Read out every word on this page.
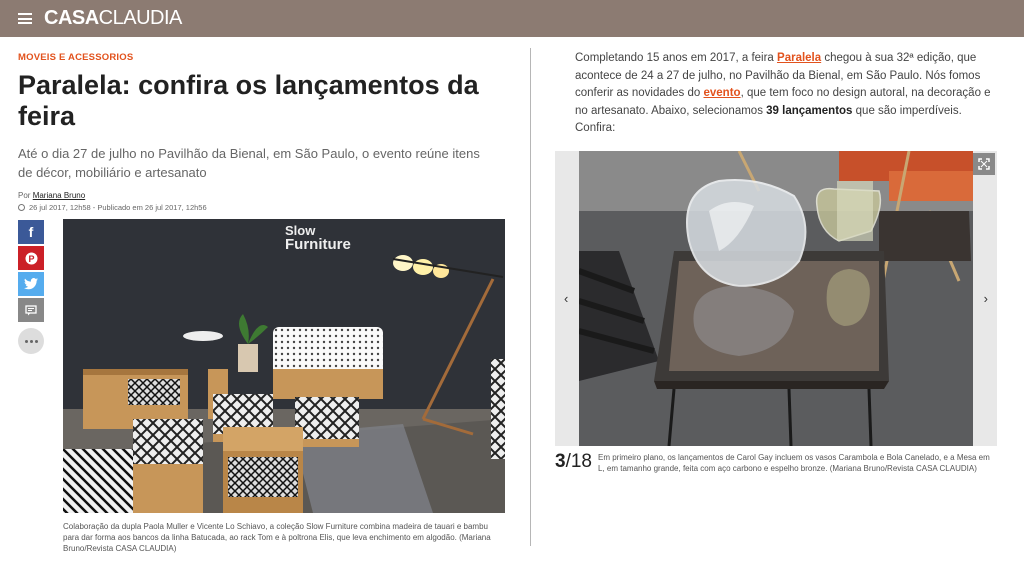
CASACLAUDIA
MOVEIS E ACESSORIOS
Paralela: confira os lançamentos da feira

Até o dia 27 de julho no Pavilhão da Bienal, em São Paulo, o evento reúne itens de décor, mobiliário e artesanato

Por Mariana Bruno
26 jul 2017, 12h58 - Publicado em 26 jul 2017, 12h56
f
P
Slow
Furniture
Colaboração da dupla Paola Muller e Vicente Lo Schiavo, a coleção Slow Furniture combina madeira de tauari e bambu para dar forma aos bancos da linha Batucada, ao rack Tom e à poltrona Elis, que leva enchimento em algodão. (Mariana Bruno/Revista CASA CLAUDIA)

Completando 15 anos em 2017, a feira Paralela chegou à sua 32ª edição, que acontece de 24 a 27 de julho, no Pavilhão da Bienal, em São Paulo. Nós fomos conferir as novidades do evento, que tem foco no design autoral, na decoração e no artesanato. Abaixo, selecionamos 39 lançamentos que são imperdíveis. Confira:

‹	›
3/18 Em primeiro plano, os lançamentos de Carol Gay incluem os vasos Carambola e Bola Canelado, e a Mesa em L, em tamanho grande, feita com aço carbono e espelho bronze. (Mariana Bruno/Revista CASA CLAUDIA)
